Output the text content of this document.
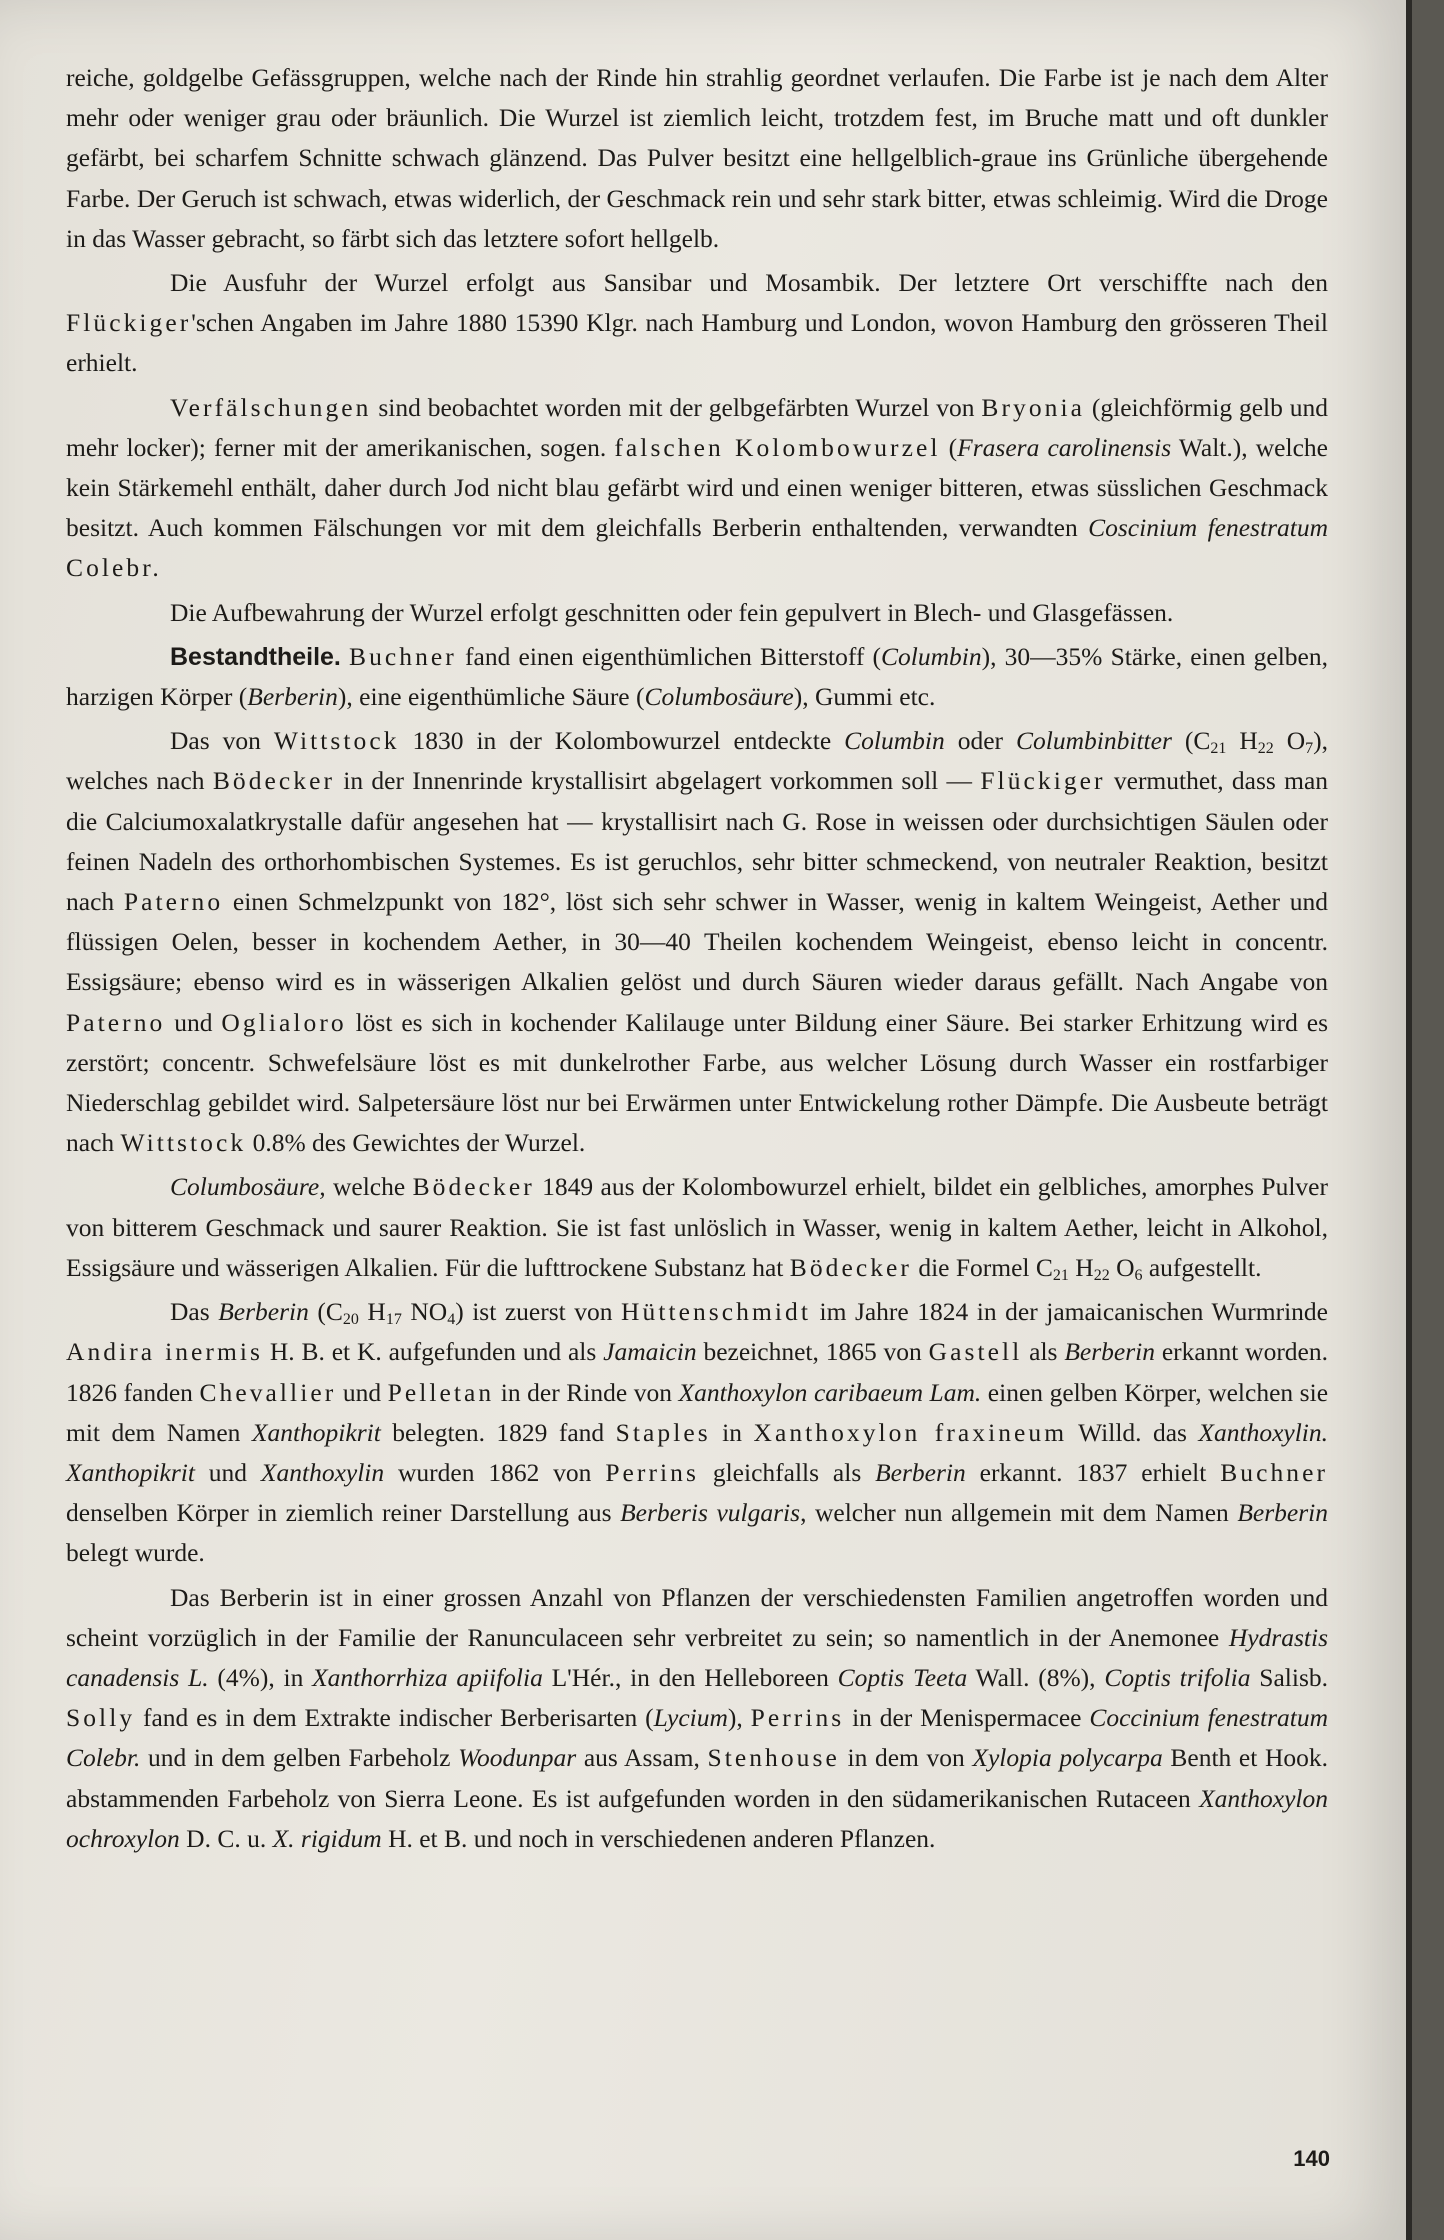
reiche, goldgelbe Gefässgruppen, welche nach der Rinde hin strahlig geordnet verlaufen. Die Farbe ist je nach dem Alter mehr oder weniger grau oder bräunlich. Die Wurzel ist ziemlich leicht, trotzdem fest, im Bruche matt und oft dunkler gefärbt, bei scharfem Schnitte schwach glänzend. Das Pulver besitzt eine hellgelblich-graue ins Grünliche übergehende Farbe. Der Geruch ist schwach, etwas widerlich, der Geschmack rein und sehr stark bitter, etwas schleimig. Wird die Droge in das Wasser gebracht, so färbt sich das letztere sofort hellgelb.

Die Ausfuhr der Wurzel erfolgt aus Sansibar und Mosambik. Der letztere Ort verschiffte nach den Flückiger'schen Angaben im Jahre 1880 15390 Klgr. nach Hamburg und London, wovon Hamburg den grösseren Theil erhielt.

Verfälschungen sind beobachtet worden mit der gelbgefärbten Wurzel von Bryonia (gleichförmig gelb und mehr locker); ferner mit der amerikanischen, sogen. falschen Kolombowurzel (Frasera carolinensis Walt.), welche kein Stärkemehl enthält, daher durch Jod nicht blau gefärbt wird und einen weniger bitteren, etwas süsslichen Geschmack besitzt. Auch kommen Fälschungen vor mit dem gleichfalls Berberin enthaltenden, verwandten Coscinium fenestratum Colebr.

Die Aufbewahrung der Wurzel erfolgt geschnitten oder fein gepulvert in Blech- und Glasgefässen.

Bestandtheile. Buchner fand einen eigenthümlichen Bitterstoff (Columbin), 30—35% Stärke, einen gelben, harzigen Körper (Berberin), eine eigenthümliche Säure (Columbosäure), Gummi etc.

Das von Wittstock 1830 in der Kolombowurzel entdeckte Columbin oder Columbinbitter ($C_{21}$ $H_{22}$ $O_7$), welches nach Bödecker in der Innenrinde krystallisirt abgelagert vorkommen soll — Flückiger vermuthet, dass man die Calciumoxalatkrystalle dafür angesehen hat — krystallisirt nach G. Rose in weissen oder durchsichtigen Säulen oder feinen Nadeln des orthorhombischen Systemes. Es ist geruchlos, sehr bitter schmeckend, von neutraler Reaktion, besitzt nach Paterno einen Schmelzpunkt von 182°, löst sich sehr schwer in Wasser, wenig in kaltem Weingeist, Aether und flüssigen Oelen, besser in kochendem Aether, in 30—40 Theilen kochendem Weingeist, ebenso leicht in concentr. Essigsäure; ebenso wird es in wässerigen Alkalien gelöst und durch Säuren wieder daraus gefällt. Nach Angabe von Paterno und Oglialoro löst es sich in kochender Kalilauge unter Bildung einer Säure. Bei starker Erhitzung wird es zerstört; concentr. Schwefelsäure löst es mit dunkelrother Farbe, aus welcher Lösung durch Wasser ein rostfarbiger Niederschlag gebildet wird. Salpetersäure löst nur bei Erwärmen unter Entwickelung rother Dämpfe. Die Ausbeute beträgt nach Wittstock 0.8% des Gewichtes der Wurzel.

Columbosäure, welche Bödecker 1849 aus der Kolombowurzel erhielt, bildet ein gelbliches, amorphes Pulver von bitterem Geschmack und saurer Reaktion. Sie ist fast unlöslich in Wasser, wenig in kaltem Aether, leicht in Alkohol, Essigsäure und wässerigen Alkalien. Für die lufttrockene Substanz hat Bödecker die Formel $C_{21}$ $H_{22}$ $O_6$ aufgestellt.

Das Berberin ($C_{20}$ $H_{17}$ $NO_4$) ist zuerst von Hüttenschmidt im Jahre 1824 in der jamaicanischen Wurmrinde Andira inermis H. B. et K. aufgefunden und als Jamaicin bezeichnet, 1865 von Gastell als Berberin erkannt worden. 1826 fanden Chevallier und Pelletan in der Rinde von Xanthoxylon caribaeum Lam. einen gelben Körper, welchen sie mit dem Namen Xanthopikrit belegten. 1829 fand Staples in Xanthoxylon fraxineum Willd. das Xanthoxylin. Xanthopikrit und Xanthoxylin wurden 1862 von Perrins gleichfalls als Berberin erkannt. 1837 erhielt Buchner denselben Körper in ziemlich reiner Darstellung aus Berberis vulgaris, welcher nun allgemein mit dem Namen Berberin belegt wurde.

Das Berberin ist in einer grossen Anzahl von Pflanzen der verschiedensten Familien angetroffen worden und scheint vorzüglich in der Familie der Ranunculaceen sehr verbreitet zu sein; so namentlich in der Anemonee Hydrastis canadensis L. (4%), in Xanthorrhiza apiifolia L'Hér., in den Helleboreen Coptis Teeta Wall. (8%), Coptis trifolia Salisb. Solly fand es in dem Extrakte indischer Berberisarten (Lycium), Perrins in der Menispermacee Coccinium fenestratum Colebr. und in dem gelben Farbeholz Woodunpar aus Assam, Stenhouse in dem von Xylopia polycarpa Benth et Hook. abstammenden Farbeholz von Sierra Leone. Es ist aufgefunden worden in den südamerikanischen Rutaceen Xanthoxylon ochroxylon D. C. u. X. rigidum H. et B. und noch in verschiedenen anderen Pflanzen.

140
